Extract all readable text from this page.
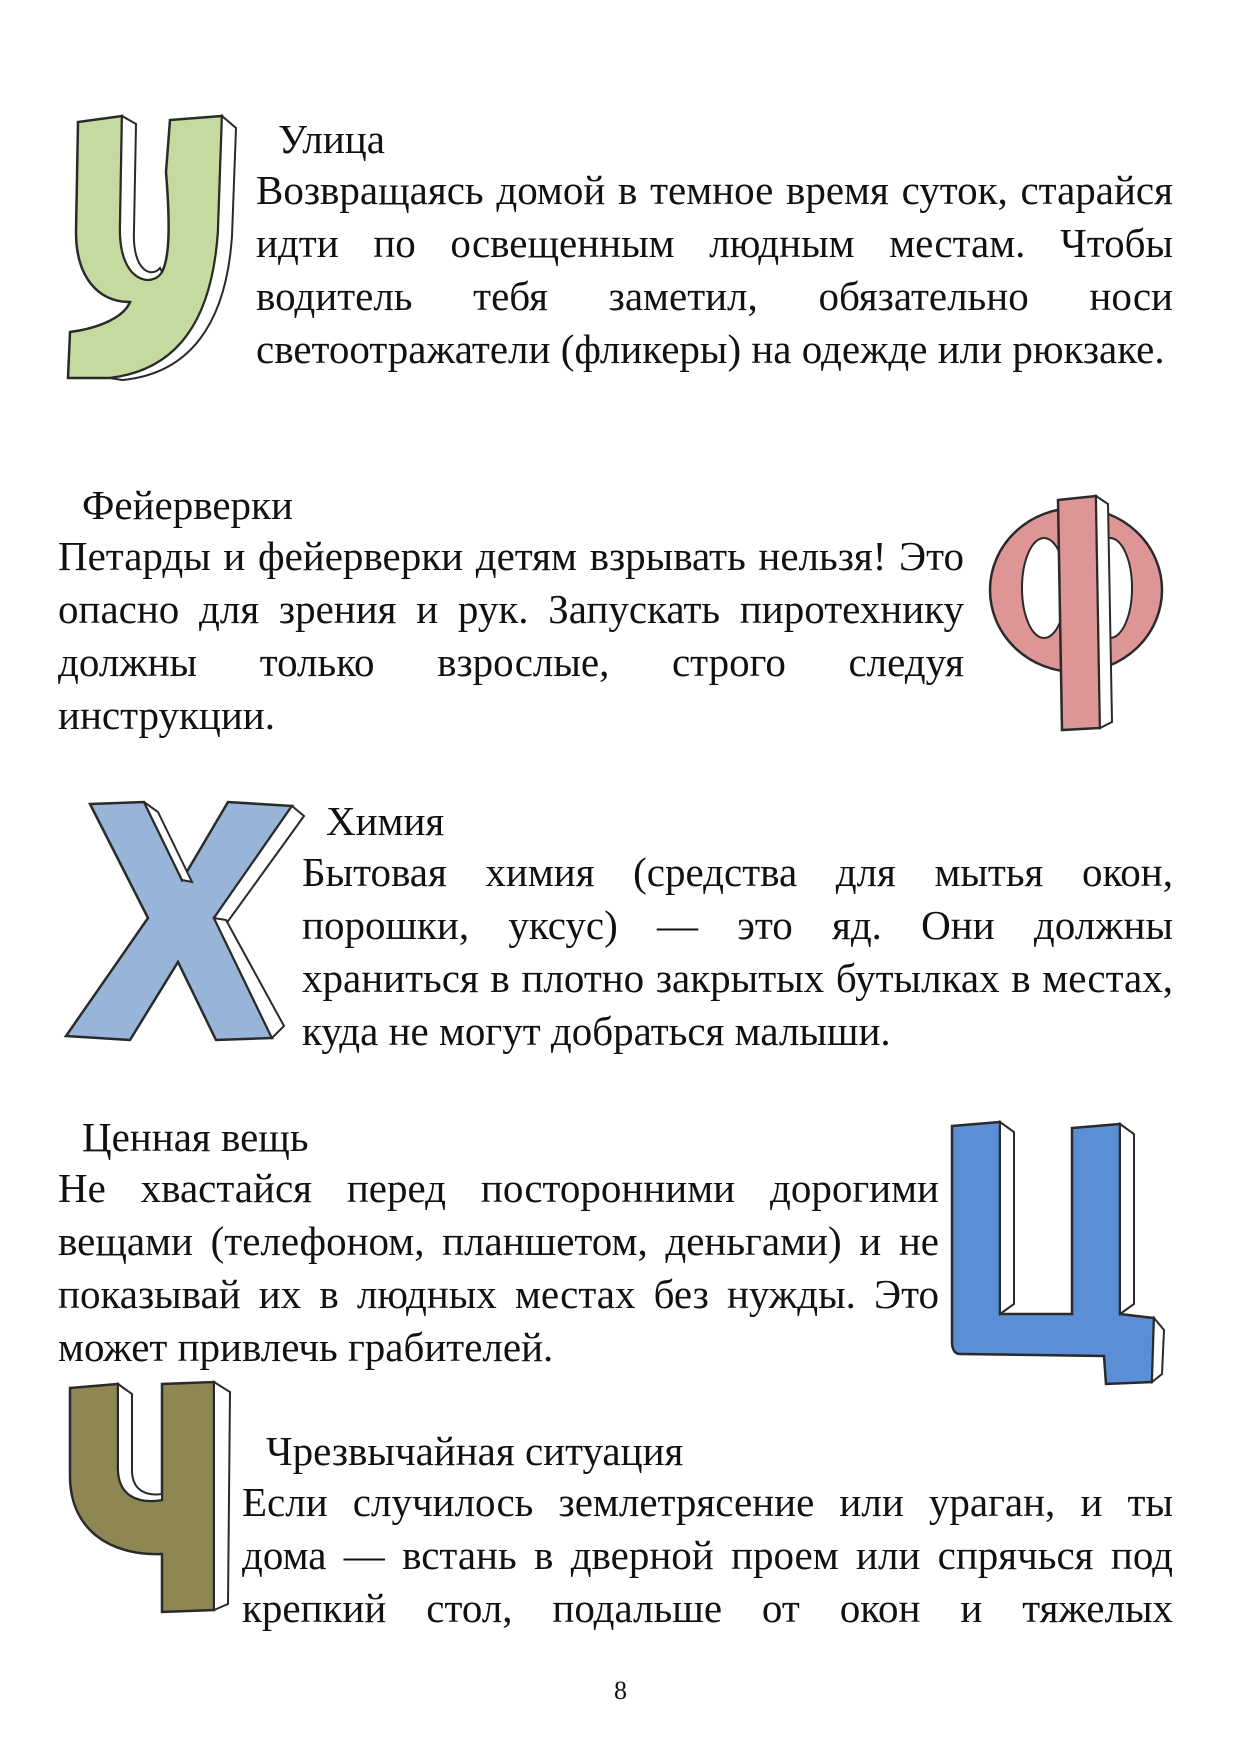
Улица
Возвращаясь домой в темное время суток, старайся идти по освещенным людным местам. Чтобы водитель тебя заметил, обязательно носи светоотражатели (фликеры) на одежде или рюкзаке.
Фейерверки
Петарды и фейерверки детям взрывать нельзя! Это опасно для зрения и рук. Запускать пиротехнику должны только взрослые, строго следуя инструкции.
Химия
Бытовая химия (средства для мытья окон, порошки, уксус) — это яд. Они должны храниться в плотно закрытых бутылках в местах, куда не могут добраться малыши.
Ценная вещь
Не хвастайся перед посторонними дорогими вещами (телефоном, планшетом, деньгами) и не показывай их в людных местах без нужды. Это может привлечь грабителей.
Чрезвычайная ситуация
Если случилось землетрясение или ураган, и ты дома — встань в дверной проем или спрячься под крепкий стол, подальше от окон и тяжелых
8
